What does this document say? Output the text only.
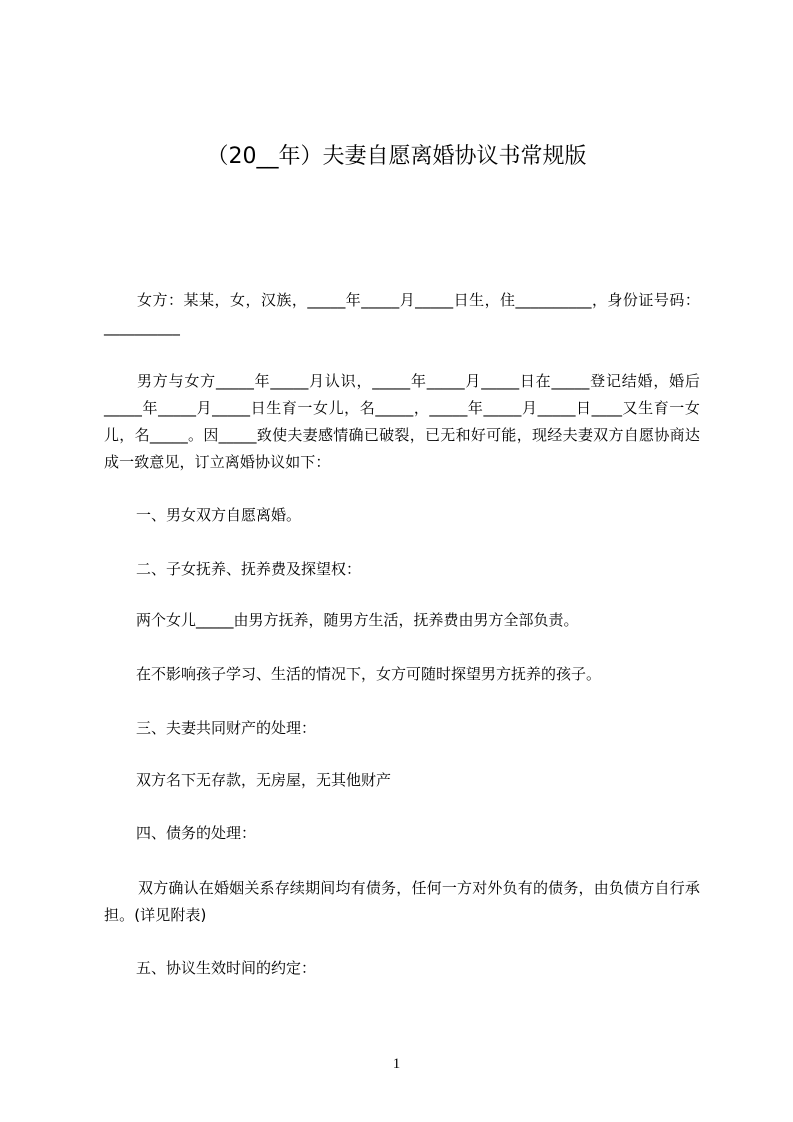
（20__年）夫妻自愿离婚协议书常规版
女方：某某，女，汉族，_____年_____月_____日生，住__________，身份证号码：__________
男方与女方_____年_____月认识，_____年_____月_____日在_____登记结婚，婚后_____年_____月_____日生育一女儿，名_____，_____年_____月_____日____又生育一女儿，名_____。因_____致使夫妻感情确已破裂，已无和好可能，现经夫妻双方自愿协商达成一致意见，订立离婚协议如下：
一、男女双方自愿离婚。
二、子女抚养、抚养费及探望权：
两个女儿_____由男方抚养，随男方生活，抚养费由男方全部负责。
在不影响孩子学习、生活的情况下，女方可随时探望男方抚养的孩子。
三、夫妻共同财产的处理：
双方名下无存款，无房屋，无其他财产
四、债务的处理：
双方确认在婚姻关系存续期间均有债务，任何一方对外负有的债务，由负债方自行承担。(详见附表)
五、协议生效时间的约定：
1
